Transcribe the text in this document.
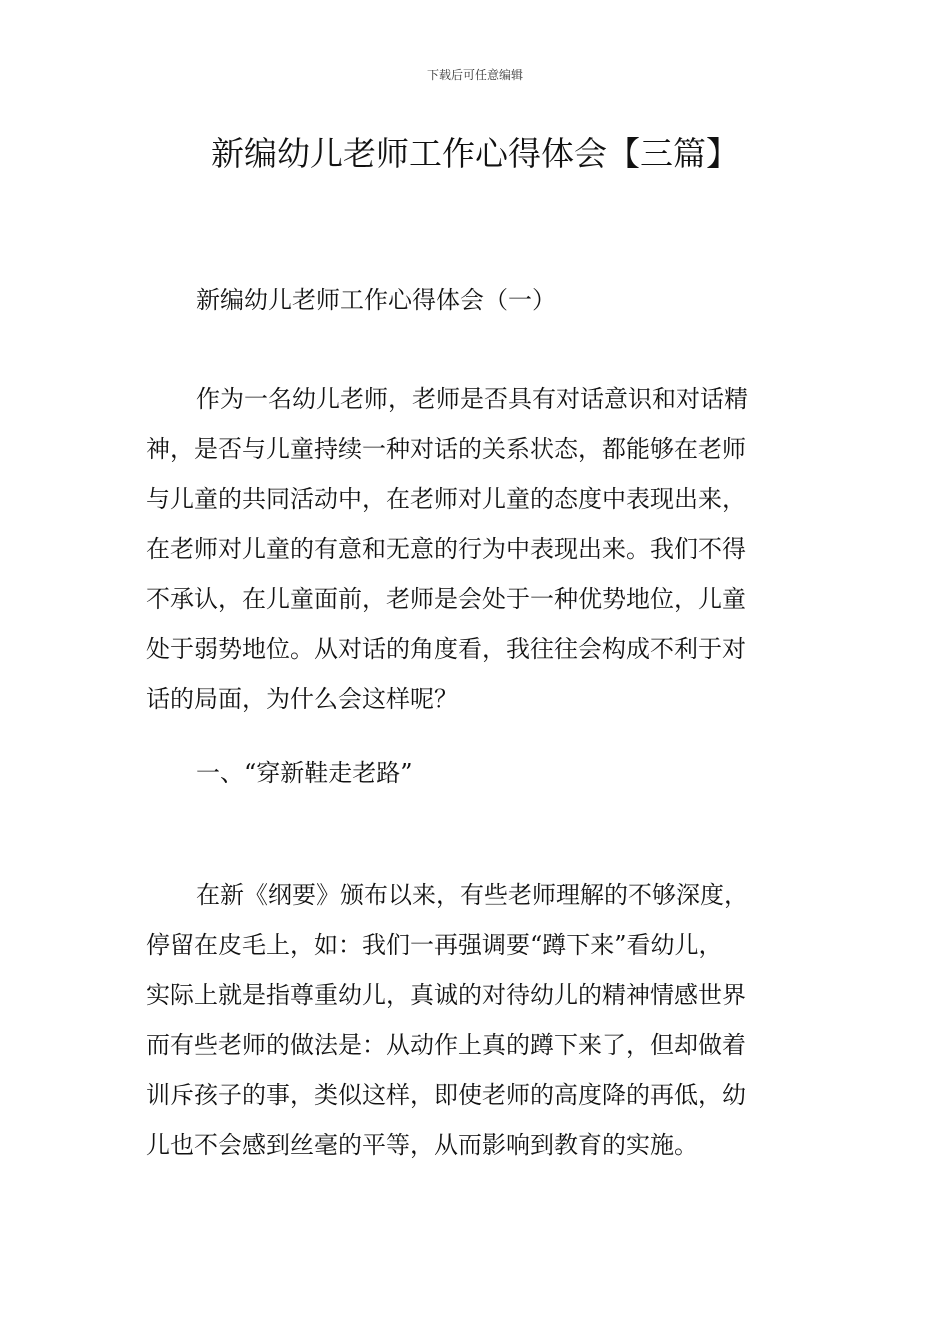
下载后可任意编辑
新编幼儿老师工作心得体会【三篇】
新编幼儿老师工作心得体会（一）
作为一名幼儿老师，老师是否具有对话意识和对话精
神，是否与儿童持续一种对话的关系状态，都能够在老师
与儿童的共同活动中，在老师对儿童的态度中表现出来，
在老师对儿童的有意和无意的行为中表现出来。我们不得
不承认，在儿童面前，老师是会处于一种优势地位，儿童
处于弱势地位。从对话的角度看，我往往会构成不利于对
话的局面，为什么会这样呢？
一、“穿新鞋走老路”
在新《纲要》颁布以来，有些老师理解的不够深度，
停留在皮毛上，如：我们一再强调要“蹲下来”看幼儿，
实际上就是指尊重幼儿，真诚的对待幼儿的精神情感世界
而有些老师的做法是：从动作上真的蹲下来了，但却做着
训斥孩子的事，类似这样，即使老师的高度降的再低，幼
儿也不会感到丝毫的平等，从而影响到教育的实施。
